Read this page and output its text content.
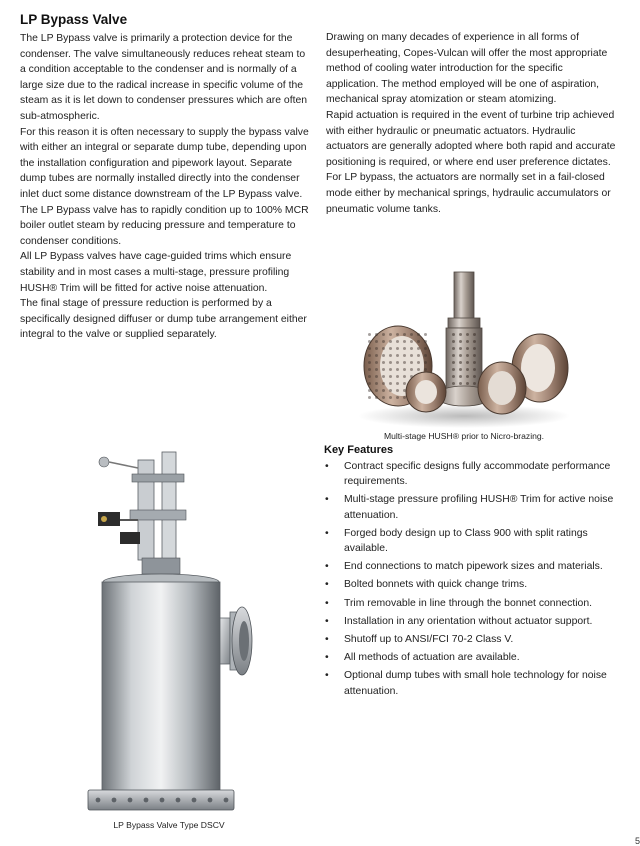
LP Bypass Valve

The LP Bypass valve is primarily a protection device for the condenser. The valve simultaneously reduces reheat steam to a condition acceptable to the condenser and is normally of a large size due to the radical increase in specific volume of the steam as it is let down to condenser pressures which are often sub-atmospheric.

For this reason it is often necessary to supply the bypass valve with either an integral or separate dump tube, depending upon the installation configuration and pipework layout. Separate dump tubes are normally installed directly into the condenser inlet duct some distance downstream of the LP Bypass valve.

The LP Bypass valve has to rapidly condition up to 100% MCR boiler outlet steam by reducing pressure and temperature to condenser conditions.

All LP Bypass valves have cage-guided trims which ensure stability and in most cases a multi-stage, pressure profiling HUSH® Trim will be fitted for active noise attenuation.

The final stage of pressure reduction is performed by a specifically designed diffuser or dump tube arrangement either integral to the valve or supplied separately.

Drawing on many decades of experience in all forms of desuperheating, Copes-Vulcan will offer the most appropriate method of cooling water introduction for the specific application. The method employed will be one of aspiration, mechanical spray atomization or steam atomizing.

Rapid actuation is required in the event of turbine trip achieved with either hydraulic or pneumatic actuators. Hydraulic actuators are generally adopted where both rapid and accurate positioning is required, or where end user preference dictates. For LP bypass, the actuators are normally set in a fail-closed mode either by mechanical springs, hydraulic accumulators or pneumatic volume tanks.

Multi-stage HUSH® prior to Nicro-brazing.
Key Features
• Contract specific designs fully accommodate performance requirements.
• Multi-stage pressure profiling HUSH® Trim for active noise attenuation.
• Forged body design up to Class 900 with split ratings available.
• End connections to match pipework sizes and materials.
• Bolted bonnets with quick change trims.
• Trim removable in line through the bonnet connection.
• Installation in any orientation without actuator support.
• Shutoff up to ANSI/FCI 70-2 Class V.
• All methods of actuation are available.
• Optional dump tubes with small hole technology for noise attenuation.
LP Bypass Valve Type DSCV
5
